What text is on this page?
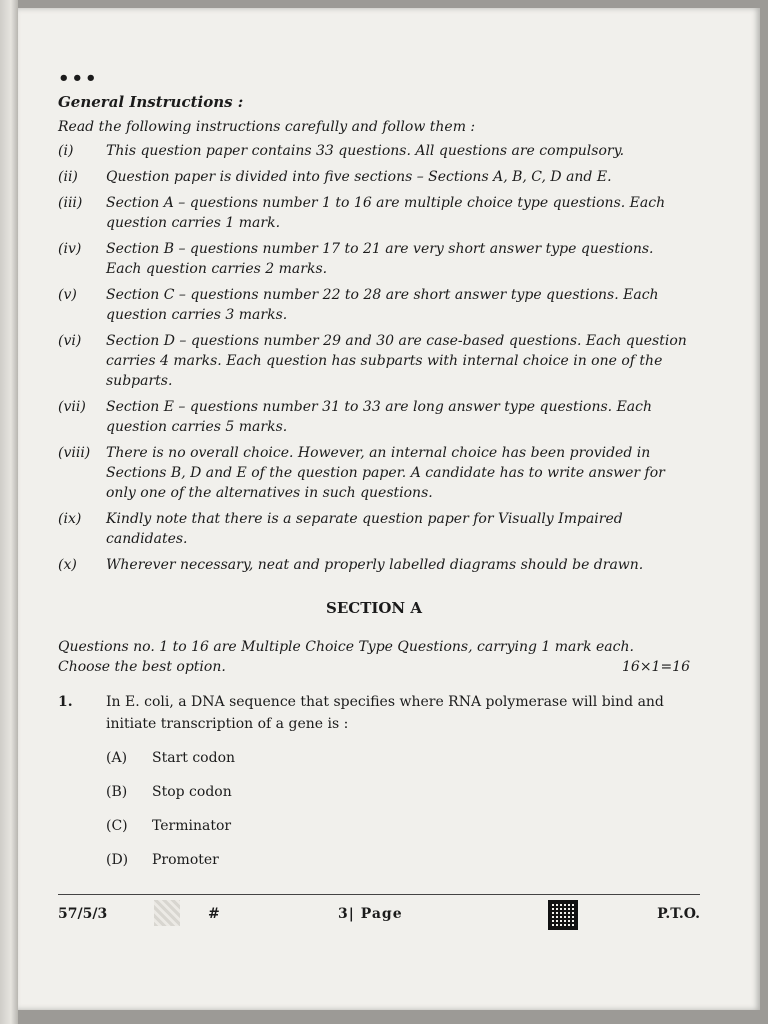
•••
General Instructions :
Read the following instructions carefully and follow them :
(i)	This question paper contains 33 questions. All questions are compulsory.
(ii)	Question paper is divided into five sections – Sections A, B, C, D and E.
(iii)	Section A – questions number 1 to 16 are multiple choice type questions. Each question carries 1 mark.
(iv)	Section B – questions number 17 to 21 are very short answer type questions. Each question carries 2 marks.
(v)	Section C – questions number 22 to 28 are short answer type questions. Each question carries 3 marks.
(vi)	Section D – questions number 29 and 30 are case-based questions. Each question carries 4 marks. Each question has subparts with internal choice in one of the subparts.
(vii)	Section E – questions number 31 to 33 are long answer type questions. Each question carries 5 marks.
(viii)	There is no overall choice. However, an internal choice has been provided in Sections B, D and E of the question paper. A candidate has to write answer for only one of the alternatives in such questions.
(ix)	Kindly note that there is a separate question paper for Visually Impaired candidates.
(x)	Wherever necessary, neat and properly labelled diagrams should be drawn.
SECTION A
Questions no. 1 to 16 are Multiple Choice Type Questions, carrying 1 mark each. Choose the best option.	16×1=16
1.	In E. coli, a DNA sequence that specifies where RNA polymerase will bind and initiate transcription of a gene is :
(A)	Start codon
(B)	Stop codon
(C)	Terminator
(D)	Promoter
57/5/3	#	3| Page	P.T.O.
